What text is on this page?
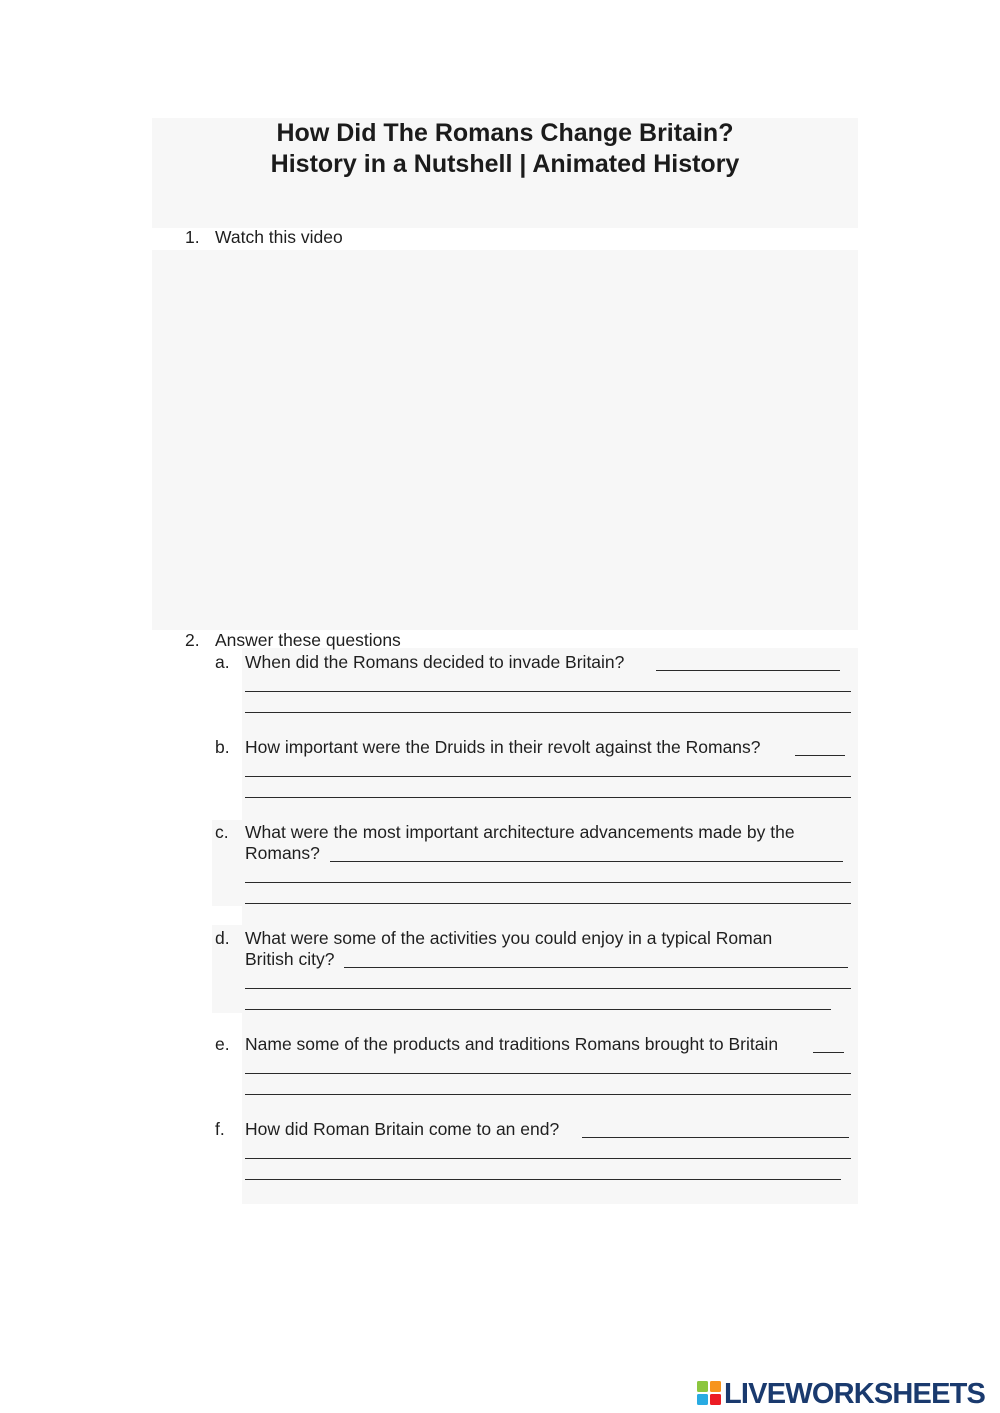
How Did The Romans Change Britain?
History in a Nutshell | Animated History
1. Watch this video
2. Answer these questions
a. When did the Romans decided to invade Britain?
b. How important were the Druids in their revolt against the Romans?
c. What were the most important architecture advancements made by the
Romans?
d. What were some of the activities you could enjoy in a typical Roman
British city?
e. Name some of the products and traditions Romans brought to Britain
f. How did Roman Britain come to an end?
LIVEWORKSHEETS
